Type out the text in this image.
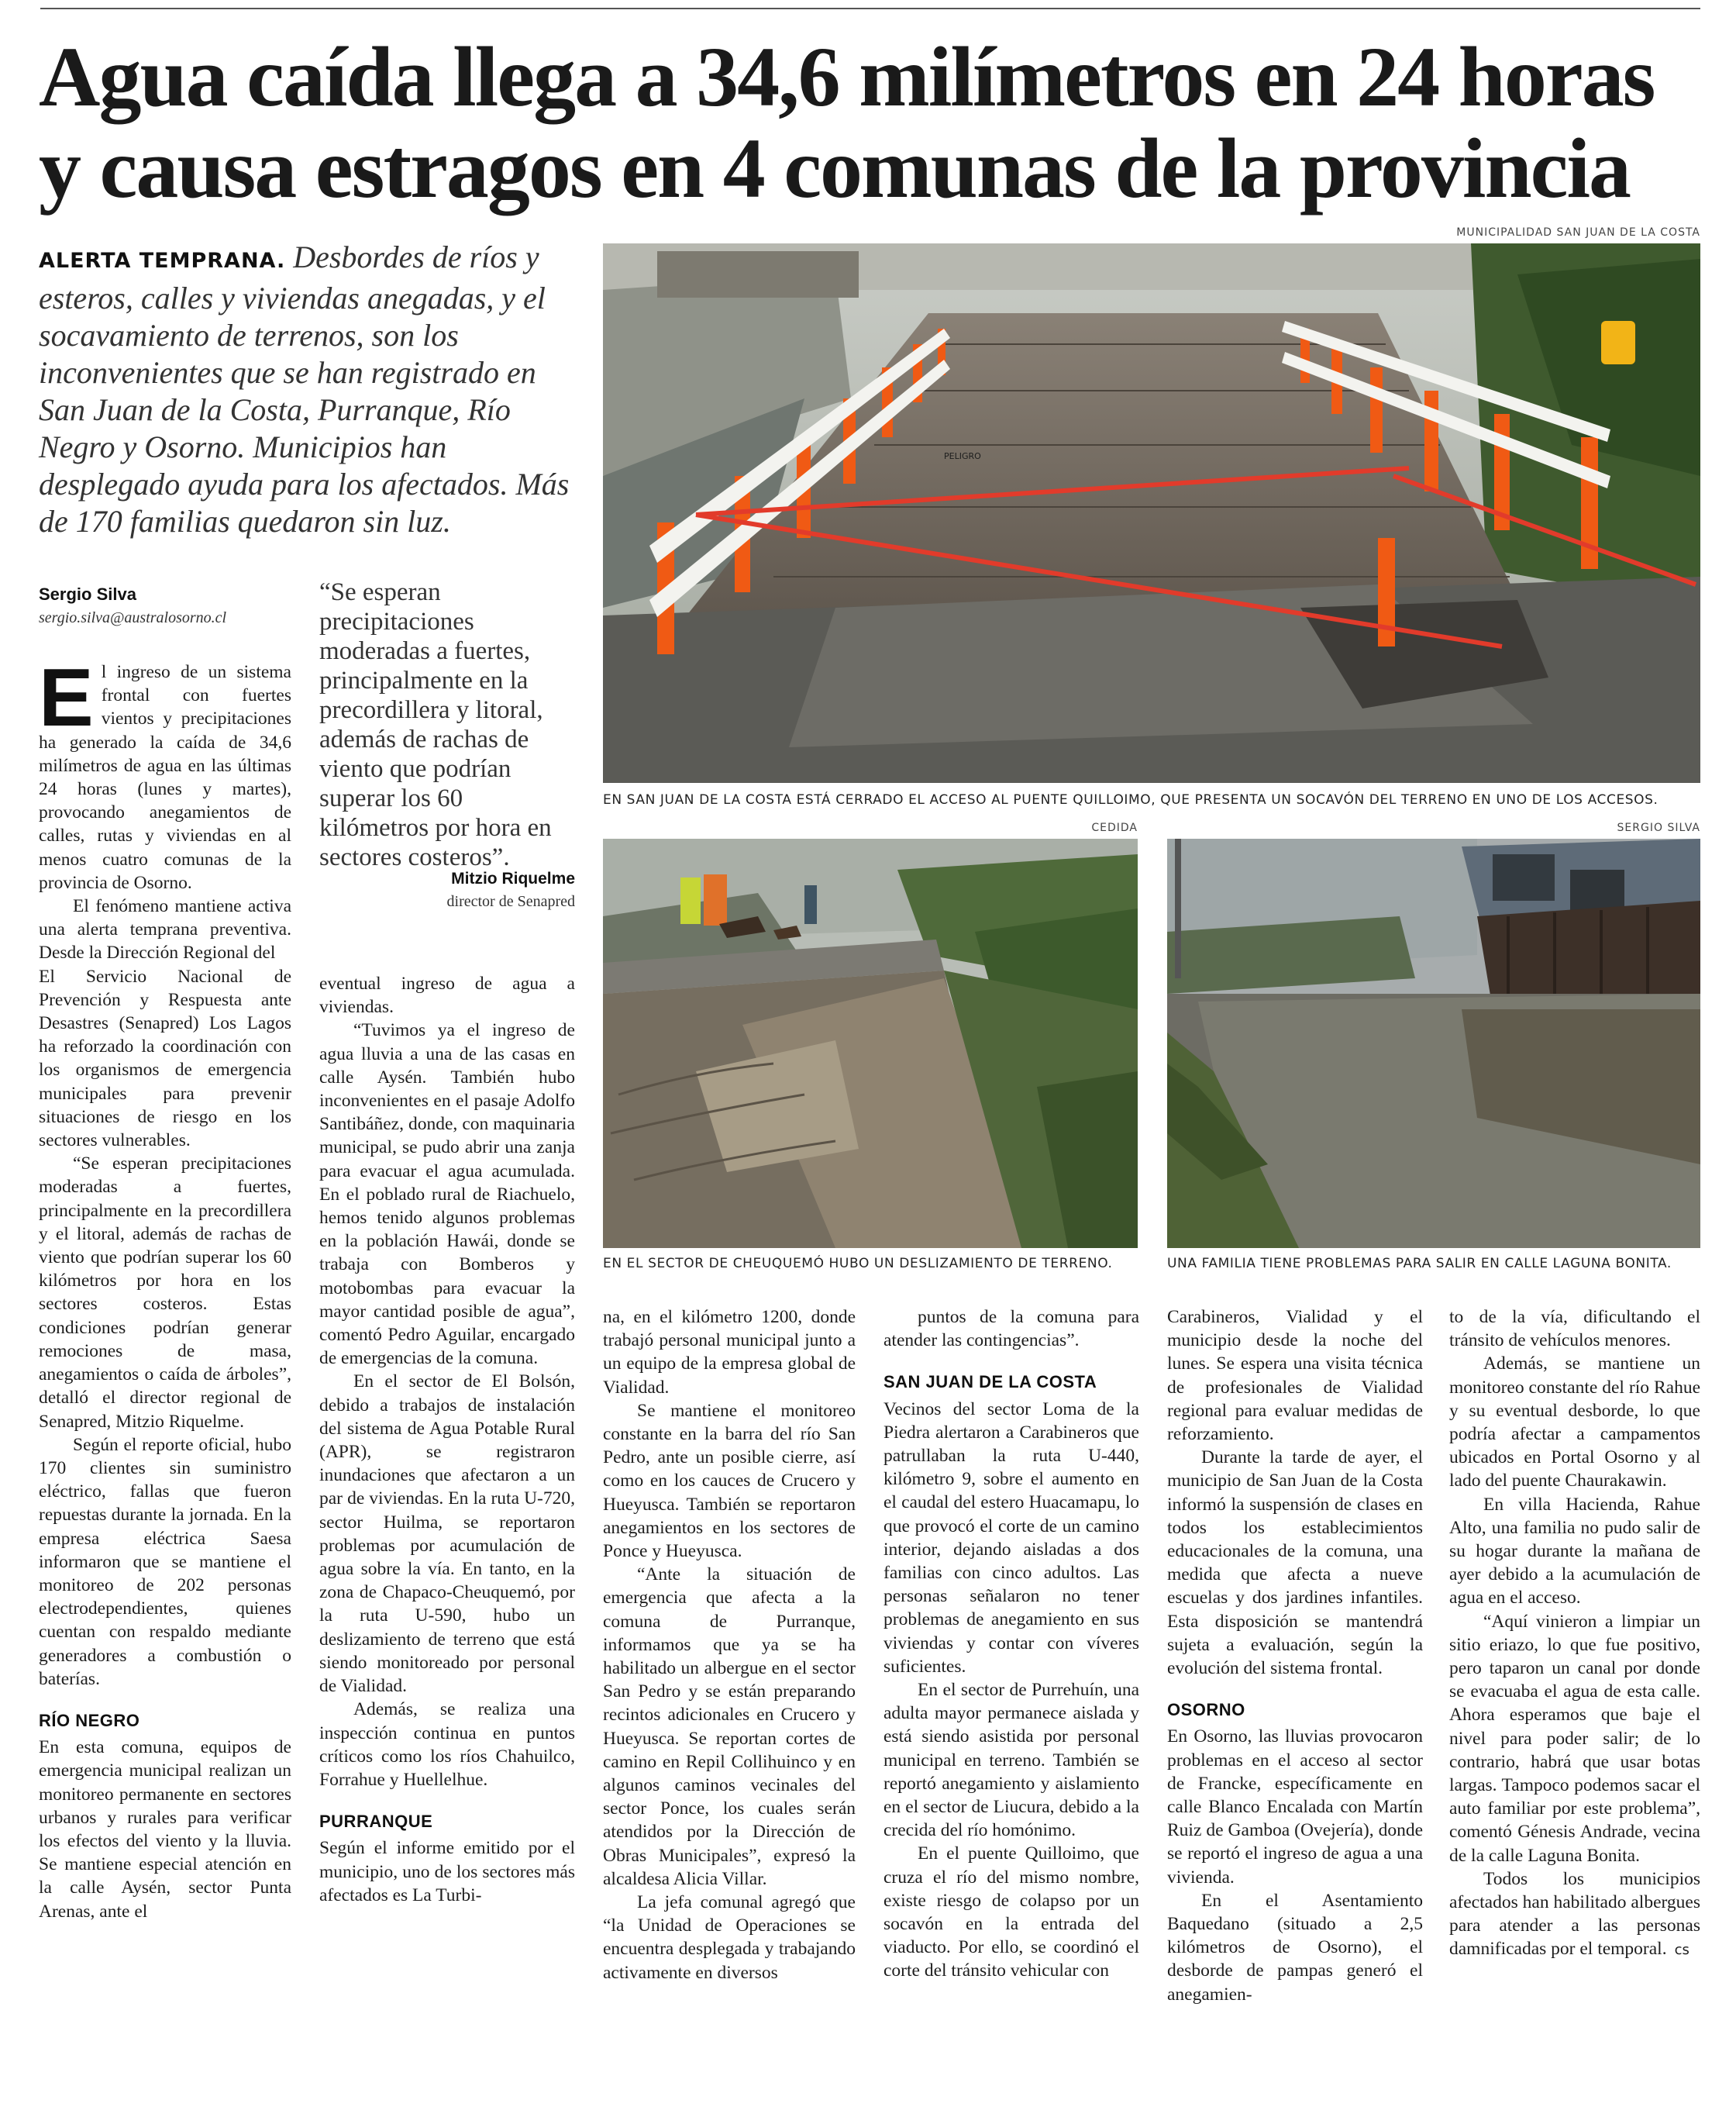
Agua caída llega a 34,6 milímetros en 24 horas y causa estragos en 4 comunas de la provincia
ALERTA TEMPRANA. Desbordes de ríos y esteros, calles y viviendas anegadas, y el socavamiento de terrenos, son los inconvenientes que se han registrado en San Juan de la Costa, Purranque, Río Negro y Osorno. Municipios han desplegado ayuda para los afectados. Más de 170 familias quedaron sin luz.
Sergio Silva
sergio.silva@australosorno.cl
“Se esperan precipitaciones moderadas a fuertes, principalmente en la precordillera y litoral, además de rachas de viento que podrían superar los 60 kilómetros por hora en sectores costeros”.
Mitzio Riquelme
director de Senapred
MUNICIPALIDAD SAN JUAN DE LA COSTA
PELIGRO
EN SAN JUAN DE LA COSTA ESTÁ CERRADO EL ACCESO AL PUENTE QUILLOIMO, QUE PRESENTA UN SOCAVÓN DEL TERRENO EN UNO DE LOS ACCESOS.
CEDIDA
EN EL SECTOR DE CHEUQUEMÓ HUBO UN DESLIZAMIENTO DE TERRENO.
SERGIO SILVA
UNA FAMILIA TIENE PROBLEMAS PARA SALIR EN CALLE LAGUNA BONITA.

El ingreso de un sistema frontal con fuertes vientos y precipitaciones ha generado la caída de 34,6 milímetros de agua en las últimas 24 horas (lunes y martes), provocando anegamientos de calles, rutas y viviendas en al menos cuatro comunas de la provincia de Osorno.

El fenómeno mantiene activa una alerta temprana preventiva. Desde la Dirección Regional del

El Servicio Nacional de Prevención y Respuesta ante Desastres (Senapred) Los Lagos ha reforzado la coordinación con los organismos de emergencia municipales para prevenir situaciones de riesgo en los sectores vulnerables.

“Se esperan precipitaciones moderadas a fuertes, principalmente en la precordillera y el litoral, además de rachas de viento que podrían superar los 60 kilómetros por hora en los sectores costeros. Estas condiciones podrían generar remociones de masa, anegamientos o caída de árboles”, detalló el director regional de Senapred, Mitzio Riquelme.

Según el reporte oficial, hubo 170 clientes sin suministro eléctrico, fallas que fueron repuestas durante la jornada. En la empresa eléctrica Saesa informaron que se mantiene el monitoreo de 202 personas electrodependientes, quienes cuentan con respaldo mediante generadores a combustión o baterías.

RÍO NEGRO

En esta comuna, equipos de emergencia municipal realizan un monitoreo permanente en sectores urbanos y rurales para verificar los efectos del viento y la lluvia. Se mantiene especial atención en la calle Aysén, sector Punta Arenas, ante el

eventual ingreso de agua a viviendas.

“Tuvimos ya el ingreso de agua lluvia a una de las casas en calle Aysén. También hubo inconvenientes en el pasaje Adolfo Santibáñez, donde, con maquinaria municipal, se pudo abrir una zanja para evacuar el agua acumulada. En el poblado rural de Riachuelo, hemos tenido algunos problemas en la población Hawái, donde se trabaja con Bomberos y motobombas para evacuar la mayor cantidad posible de agua”, comentó Pedro Aguilar, encargado de emergencias de la comuna.

En el sector de El Bolsón, debido a trabajos de instalación del sistema de Agua Potable Rural (APR), se registraron inundaciones que afectaron a un par de viviendas. En la ruta U-720, sector Huilma, se reportaron problemas por acumulación de agua sobre la vía. En tanto, en la zona de Chapaco-Cheuquemó, por la ruta U-590, hubo un deslizamiento de terreno que está siendo monitoreado por personal de Vialidad.

Además, se realiza una inspección continua en puntos críticos como los ríos Chahuilco, Forrahue y Huellelhue.

PURRANQUE

Según el informe emitido por el municipio, uno de los sectores más afectados es La Turbi-

na, en el kilómetro 1200, donde trabajó personal municipal junto a un equipo de la empresa global de Vialidad.

Se mantiene el monitoreo constante en la barra del río San Pedro, ante un posible cierre, así como en los cauces de Crucero y Hueyusca. También se reportaron anegamientos en los sectores de Ponce y Hueyusca.

“Ante la situación de emergencia que afecta a la comuna de Purranque, informamos que ya se ha habilitado un albergue en el sector San Pedro y se están preparando recintos adicionales en Crucero y Hueyusca. Se reportan cortes de camino en Repil Collihuinco y en algunos caminos vecinales del sector Ponce, los cuales serán atendidos por la Dirección de Obras Municipales”, expresó la alcaldesa Alicia Villar.

La jefa comunal agregó que “la Unidad de Operaciones se encuentra desplegada y trabajando activamente en diversos

puntos de la comuna para atender las contingencias”.

SAN JUAN DE LA COSTA

Vecinos del sector Loma de la Piedra alertaron a Carabineros que patrullaban la ruta U-440, kilómetro 9, sobre el aumento en el caudal del estero Huacamapu, lo que provocó el corte de un camino interior, dejando aisladas a dos familias con cinco adultos. Las personas señalaron no tener problemas de anegamiento en sus viviendas y contar con víveres suficientes.

En el sector de Purrehuín, una adulta mayor permanece aislada y está siendo asistida por personal municipal en terreno. También se reportó anegamiento y aislamiento en el sector de Liucura, debido a la crecida del río homónimo.

En el puente Quilloimo, que cruza el río del mismo nombre, existe riesgo de colapso por un socavón en la entrada del viaducto. Por ello, se coordinó el corte del tránsito vehicular con

Carabineros, Vialidad y el municipio desde la noche del lunes. Se espera una visita técnica de profesionales de Vialidad regional para evaluar medidas de reforzamiento.

Durante la tarde de ayer, el municipio de San Juan de la Costa informó la suspensión de clases en todos los establecimientos educacionales de la comuna, una medida que afecta a nueve escuelas y dos jardines infantiles. Esta disposición se mantendrá sujeta a evaluación, según la evolución del sistema frontal.

OSORNO

En Osorno, las lluvias provocaron problemas en el acceso al sector de Francke, específicamente en calle Blanco Encalada con Martín Ruiz de Gamboa (Ovejería), donde se reportó el ingreso de agua a una vivienda.

En el Asentamiento Baquedano (situado a 2,5 kilómetros de Osorno), el desborde de pampas generó el anegamien-

to de la vía, dificultando el tránsito de vehículos menores.

Además, se mantiene un monitoreo constante del río Rahue y su eventual desborde, lo que podría afectar a campamentos ubicados en Portal Osorno y al lado del puente Chaurakawin.

En villa Hacienda, Rahue Alto, una familia no pudo salir de su hogar durante la mañana de ayer debido a la acumulación de agua en el acceso.

“Aquí vinieron a limpiar un sitio eriazo, lo que fue positivo, pero taparon un canal por donde se evacuaba el agua de esta calle. Ahora esperamos que baje el nivel para poder salir; de lo contrario, habrá que usar botas largas. Tampoco podemos sacar el auto familiar por este problema”, comentó Génesis Andrade, vecina de la calle Laguna Bonita.

Todos los municipios afectados han habilitado albergues para atender a las personas damnificadas por el temporal. cs
